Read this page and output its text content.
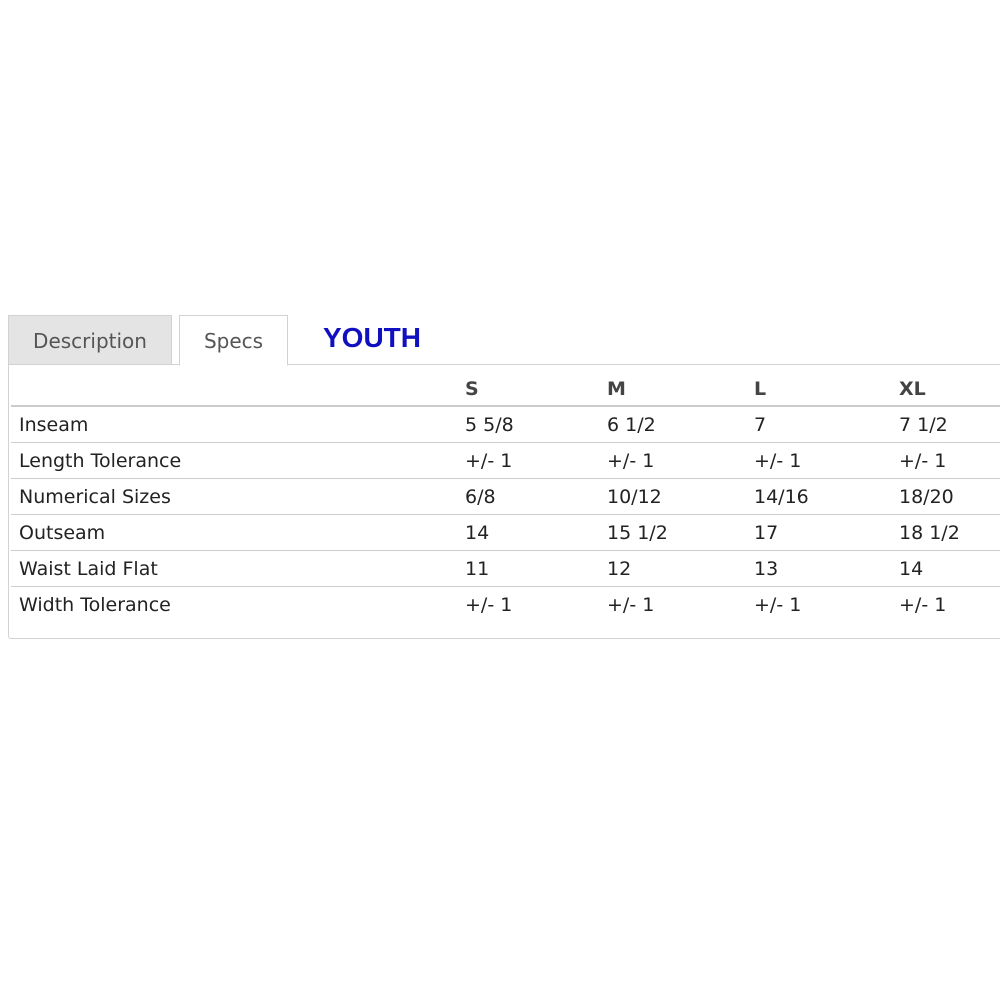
Description	Specs	YOUTH
	S	M	L	XL
Inseam	5 5/8	6 1/2	7	7 1/2
Length Tolerance	+/- 1	+/- 1	+/- 1	+/- 1
Numerical Sizes	6/8	10/12	14/16	18/20
Outseam	14	15 1/2	17	18 1/2
Waist Laid Flat	11	12	13	14
Width Tolerance	+/- 1	+/- 1	+/- 1	+/- 1
